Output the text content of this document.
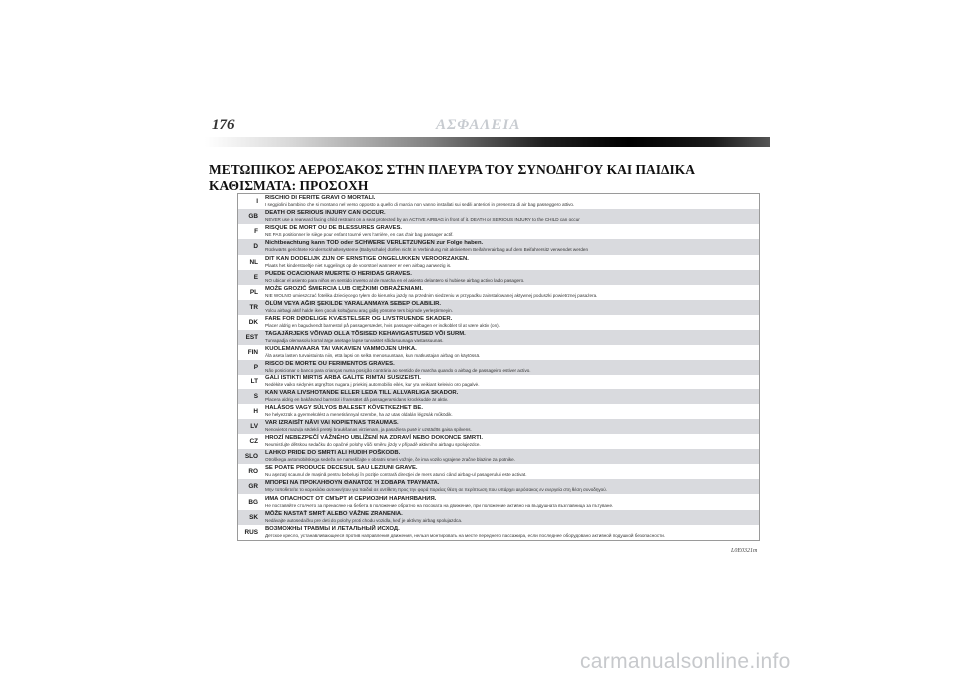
176	ΑΣΦΑΛΕΙΑ
ΜΕΤΩΠΙΚΟΣ ΑΕΡΟΣΑΚΟΣ ΣΤΗΝ ΠΛΕΥΡΑ ΤΟΥ ΣΥΝΟΔΗΓΟΥ ΚΑΙ ΠΑΙΔΙΚΑ ΚΑΘΙΣΜΑΤΑ: ΠΡΟΣΟΧΗ
I	RISCHIO DI FERITE GRAVI O MORTALI.
I seggiolini bambino che si montano nel verso opposto a quello di marcia non vanno installati sui sedili anteriori in presenza di air bag passeggero attivo.
GB	DEATH OR SERIOUS INJURY CAN OCCUR.
NEVER use a rearward facing child restraint on a seat protected by an ACTIVE AIRBAG in front of it. DEATH or SERIOUS INJURY to the CHILD can occur
F	RISQUE DE MORT OU DE BLESSURES GRAVES.
NE PAS positionner le siège pour enfant tourné vers l'arrière, en cas d'air bag passager actif.
D	Nichtbeachtung kann TOD oder SCHWERE VERLETZUNGEN zur Folge haben.
Rückwärts gerichtete Kinderrückhaltesysteme (Babyschale) dürfen nicht in Verbindung mit aktiviertem Beifahrerairbag auf dem Beifahrersitz verwendet werden
NL	DIT KAN DODELIJK ZIJN OF ERNSTIGE ONGELUKKEN VEROORZAKEN.
Plaats het kinderstoeltje niet ruggelings op de voorstoel wanneer er een airbag aanwezig is.
E	PUEDE OCACIONAR MUERTE O HERIDAS GRAVES.
NO ubicar el asiento para niños en sentido inverso al de marcha en el asiento delantero si hubiese airbag activo lado pasagero.
PL	MOŻE GROZIĆ ŚMIERCIA LUB CIĘŻKIMI OBRAŻENIAMI.
NIE WOLNO umieszczać fotelika dziecięcego tyłem do kierunku jazdy na przednim siedzeniu w przypadku zainstalowanej aktywnej poduszki powietrznej pasażera.
TR	ÖLÜM VEYA AĞIR ŞEKILDE YARALANMAYA SEBEP OLABILIR.
Yolcu airbagi aktif halde iken çocuk koltuğunu araç gidiş yönüme ters biçimde yerleştirmeyin.
DK	FARE FOR DØDELIGE KVÆSTELSER OG LIVSTRUENDE SKADER.
Placer aldrig en bagudvendt barnestol på passagersædet, hvis passager-airbagen er indkoblet til at være aktiv (on).
EST	TAGAJÄRJEKS VÕIVAD OLLA TÕSISED KEHAVIGASTUSED VÕI SURM.
Turvapadja olemasolu korral ärge asetage lapse turvaistet sõidusuunaga vastassuunas.
FIN	KUOLEMANVAARA TAI VAKAVIEN VAMMOJEN UHKA.
Älä aseta lasten turvaistuinta niin, että lapsi on selkä menosuuntaan, kun matkustajan airbag on käytössä.
P	RISCO DE MORTE OU FERIMENTOS GRAVES.
Não posicionar o banco para crianças numa posição contrária ao sentido de marcha quando o airbag de passageiro estiver activo.
LT	GALI IŠTIKTI MIRTIS ARBA GALITE RIMTAI SUSIŽEISTI.
Nedėkite vaiko sėdynės atgręžtos nugara į priekinį automobilio eilės, kur yra veikiant keleivio oro pagalvė.
S	KAN VARA LIVSHOTANDE ELLER LEDA TILL ALLVARLIGA SKADOR.
Placera aldrig en bakåtvänd barnstol i framsätet då passagerarsidans krockkudde är aktiv.
H	HALÁSOS VAGY SÚLYOS BALESET KÖVETKEZHET BE.
Ne helyezzük a gyermekülést a menetiránnyal szembe, ha az utas oldalán légzsák működik.
LV	VAR IZRAISĪT NĀVI VAI NOPIETNAS TRAUMAS.
Nenovietot mazuļa sēdekli pretēji braukšanas virzienam, ja pasažiera pusē ir uzstādīts gaisa spilvens.
CZ	HROZÍ NEBEZPEČÍ VÁŽNÉHO UBLÍŽENÍ NA ZDRAVÍ NEBO DOKONCE SMRTI.
Neumisťujte dětskou sedačku do opačné polohy vůči směru jízdy v případě aktivního airbagu spolujezdce.
SLO	LAHKO PRIDE DO SMRTI ALI HUDIH POŠKODB.
Otroškega avtomobilskega sedeža ne nameščajte v obratni smeri vožnje, če ima vozilo vgrajene zračne blazine za potnike.
RO	SE POATE PRODUCE DECESUL SAU LEZIUNI GRAVE.
Nu aşezaţi scaunul de mașină pentru bebeluşi în poziţie contrară direcţiei de mers atunci când airbag-ul pasagerului este activat.
GR	ΜΠΟΡΕΙ ΝΑ ΠΡΟΚΛΗΘΟΥΝ ΘΑΝΑΤΟΣ Ή ΣΟΒΑΡΑ ΤΡΑΥΜΑΤΑ.
Μην τοποθετείτε το καρεκλάκι αυτοκινήτου για παιδιά σε αντίθετη προς την φορά πορείας θέση σε περίπτωση που υπάρχει αερόσακος εν ενεργεία στη θέση συνοδηγού.
BG	ИМА ОПАСНОСТ ОТ СМЪРТ И СЕРИОЗНИ НАРАНЯВАНИЯ.
Не поставяйте столчето за пренасяне на бебета в положение обратно на посоката на движение, при положение активно на въздушната възглавница за пътуване.
SK	MÔŽE NASTAŤ SMRŤ ALEBO VÁŽNE ZRANENIA.
Nedávajte autosedačku pre deti do polohy proti chodu vozidla, keď je aktívny airbag spolujazdca.
RUS	ВОЗМОЖНЫ ТРАВМЫ И ЛЕТАЛЬНЫЙ ИСХОД.
Детское кресло, устанавливающееся против направления движения, нельзя монтировать на месте переднего пассажира, если последнее оборудовано активной подушкой безопасности.
L0E0321m
carmanualsonline.info
